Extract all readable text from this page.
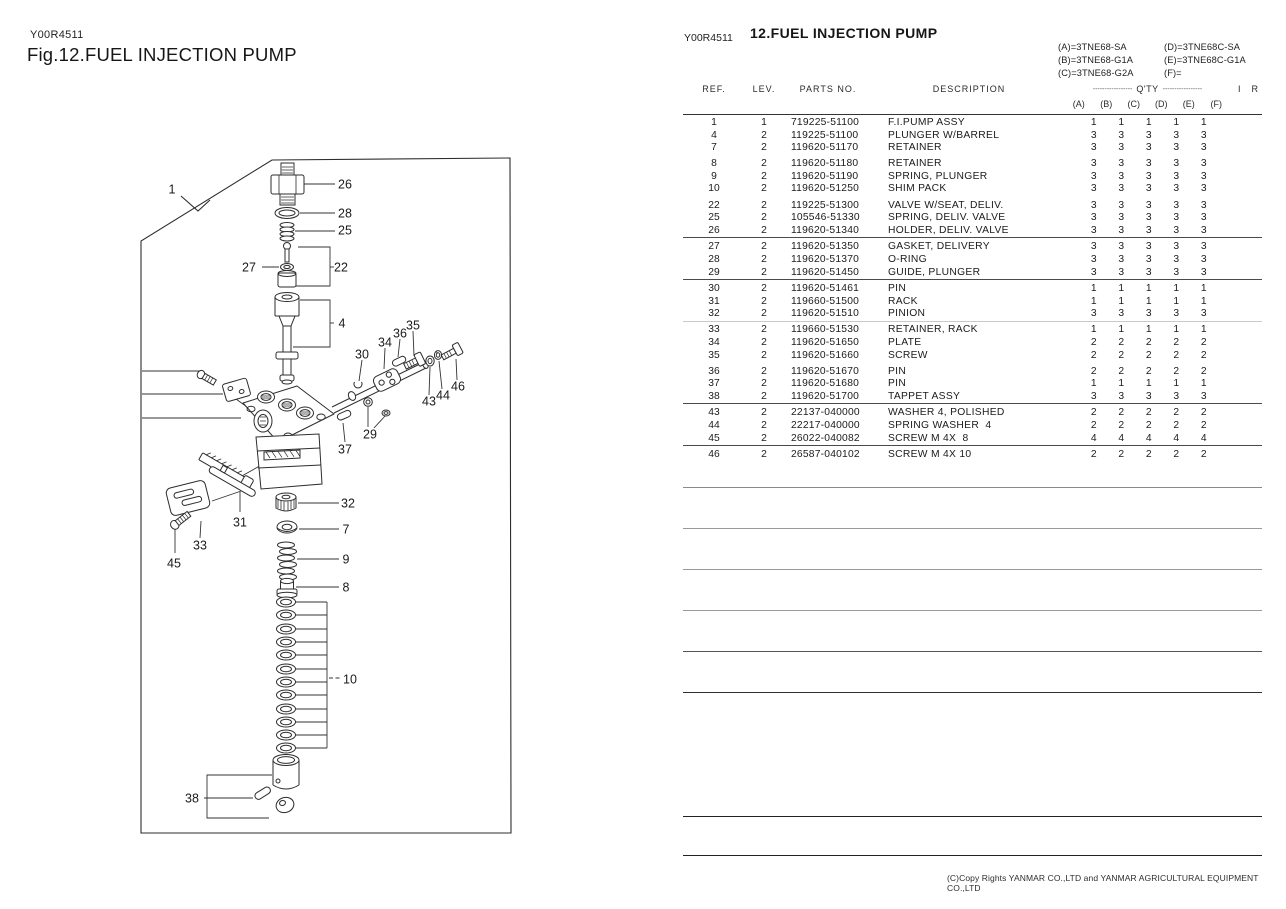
1	26
28
25
27	22
4
30
34
36
35
43 44
46
29
37
32
31	7
33
9
45
8
10
38
Y00R4511
Fig.12.FUEL INJECTION PUMP
Y00R4511 12.FUEL INJECTION PUMP
(A)=3TNE68-SA	(D)=3TNE68C-SA
(B)=3TNE68-G1A	(E)=3TNE68C-G1A
(C)=3TNE68-G2A	(F)=
REF.	LEV.	PARTS NO.	DESCRIPTION	----------------- Q'TY -----------------	I R
(A)	(B)	(C)	(D)	(E)	(F)
1	1	719225-51100	F.I.PUMP ASSY	1	1	1	1	1
4	2	119225-51100	PLUNGER W/BARREL	3	3	3	3	3
7	2	119620-51170	RETAINER	3	3	3	3	3
8	2	119620-51180	RETAINER	3	3	3	3	3
9	2	119620-51190	SPRING, PLUNGER	3	3	3	3	3
10	2	119620-51250	SHIM PACK	3	3	3	3	3
22	2	119225-51300	VALVE W/SEAT, DELIV.	3	3	3	3	3
25	2	105546-51330	SPRING, DELIV. VALVE	3	3	3	3	3
26	2	119620-51340	HOLDER, DELIV. VALVE	3	3	3	3	3
27	2	119620-51350	GASKET, DELIVERY	3	3	3	3	3
28	2	119620-51370	O-RING	3	3	3	3	3
29	2	119620-51450	GUIDE, PLUNGER	3	3	3	3	3
30	2	119620-51461	PIN	1	1	1	1	1
31	2	119660-51500	RACK	1	1	1	1	1
32	2	119620-51510	PINION	3	3	3	3	3
33	2	119660-51530	RETAINER, RACK	1	1	1	1	1
34	2	119620-51650	PLATE	2	2	2	2	2
35	2	119620-51660	SCREW	2	2	2	2	2
36	2	119620-51670	PIN	2	2	2	2	2
37	2	119620-51680	PIN	1	1	1	1	1
38	2	119620-51700	TAPPET ASSY	3	3	3	3	3
43	2	22137-040000	WASHER 4, POLISHED	2	2	2	2	2
44	2	22217-040000	SPRING WASHER  4	2	2	2	2	2
45	2	26022-040082	SCREW M 4X  8	4	4	4	4	4
46	2	26587-040102	SCREW M 4X 10	2	2	2	2	2
(C)Copy Rights YANMAR CO.,LTD and YANMAR AGRICULTURAL EQUIPMENT CO.,LTD
